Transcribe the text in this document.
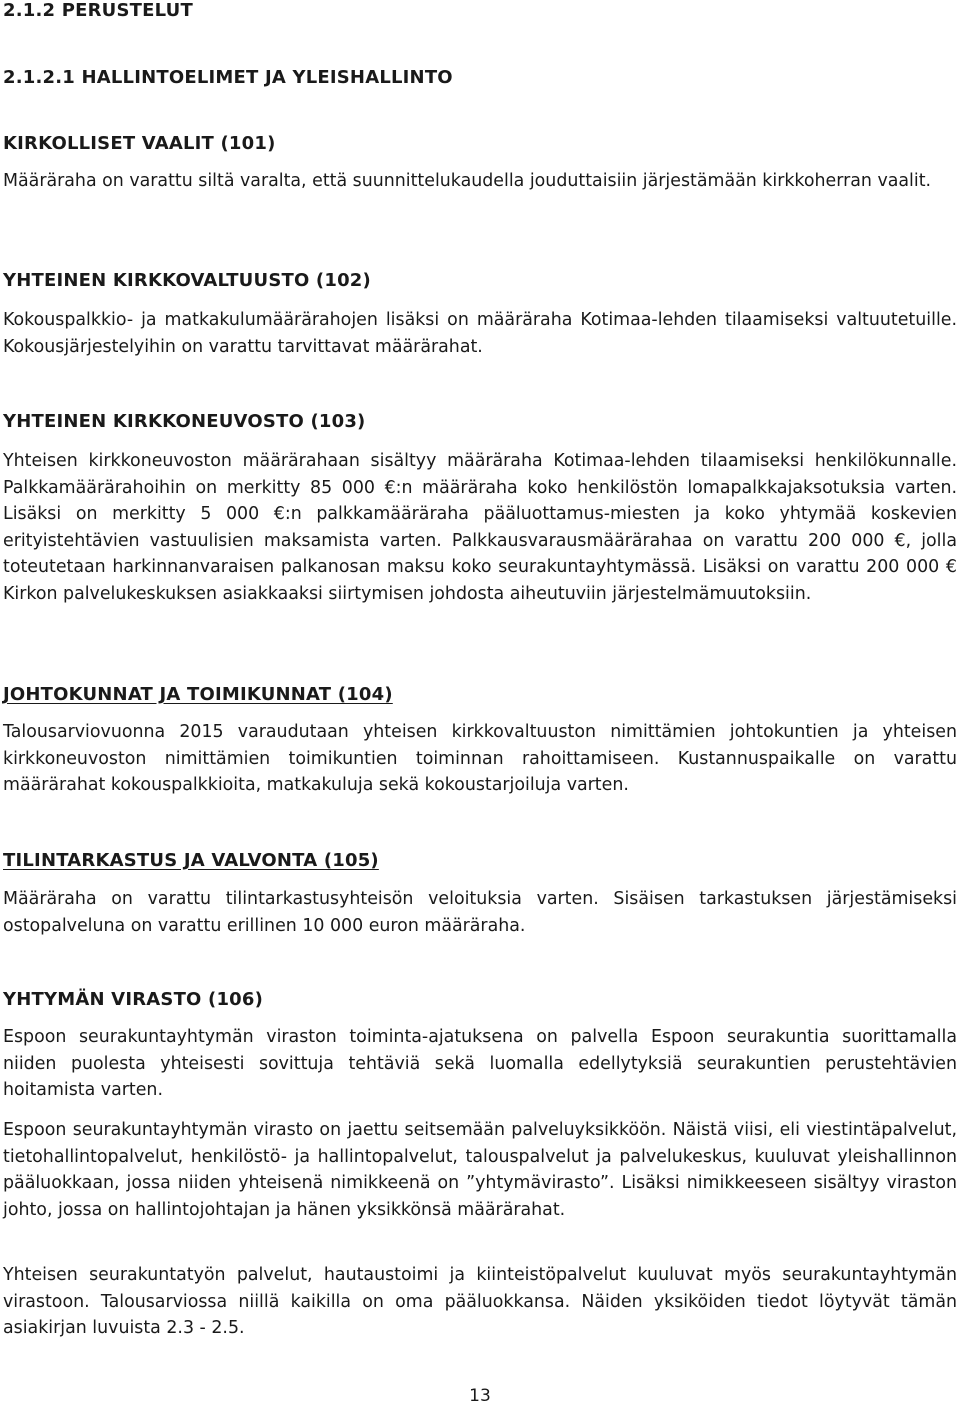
2.1.2 PERUSTELUT
2.1.2.1 HALLINTOELIMET JA YLEISHALLINTO
KIRKOLLISET VAALIT (101)

Määräraha on varattu siltä varalta, että suunnittelukaudella jouduttaisiin järjestämään kirkkoherran vaalit.

YHTEINEN KIRKKOVALTUUSTO (102)

Kokouspalkkio- ja matkakulumäärärahojen lisäksi on määräraha Kotimaa-lehden tilaamiseksi valtuutetuille. Kokousjärjestelyihin on varattu tarvittavat määrärahat.

YHTEINEN KIRKKONEUVOSTO (103)

Yhteisen kirkkoneuvoston määrärahaan sisältyy määräraha Kotimaa-lehden tilaamiseksi henkilökunnalle. Palkkamäärärahoihin on merkitty 85 000 €:n määräraha koko henkilöstön lomapalkkajaksotuksia varten. Lisäksi on merkitty 5 000 €:n palkkamääräraha pääluottamus-miesten ja koko yhtymää koskevien erityistehtävien vastuulisien maksamista varten. Palkkausvarausmäärärahaa on varattu 200 000 €, jolla toteutetaan harkinnanvaraisen palkanosan maksu koko seurakuntayhtymässä. Lisäksi on varattu 200 000 € Kirkon palvelukeskuksen asiakkaaksi siirtymisen johdosta aiheutuviin järjestelmämuutoksiin.

JOHTOKUNNAT JA TOIMIKUNNAT (104)

Talousarviovuonna 2015 varaudutaan yhteisen kirkkovaltuuston nimittämien johtokuntien ja yhteisen kirkkoneuvoston nimittämien toimikuntien toiminnan rahoittamiseen. Kustannuspaikalle on varattu määrärahat kokouspalkkioita, matkakuluja sekä kokoustarjoiluja varten.

TILINTARKASTUS JA VALVONTA (105)

Määräraha on varattu tilintarkastusyhteisön veloituksia varten. Sisäisen tarkastuksen järjestämiseksi ostopalveluna on varattu erillinen 10 000 euron määräraha.

YHTYMÄN VIRASTO (106)

Espoon seurakuntayhtymän viraston toiminta-ajatuksena on palvella Espoon seurakuntia suorittamalla niiden puolesta yhteisesti sovittuja tehtäviä sekä luomalla edellytyksiä seurakuntien perustehtävien hoitamista varten.

Espoon seurakuntayhtymän virasto on jaettu seitsemään palveluyksikköön. Näistä viisi, eli viestintäpalvelut, tietohallintopalvelut, henkilöstö- ja hallintopalvelut, talouspalvelut ja palvelukeskus, kuuluvat yleishallinnon pääluokkaan, jossa niiden yhteisenä nimikkeenä on ”yhtymävirasto”. Lisäksi nimikkeeseen sisältyy viraston johto, jossa on hallintojohtajan ja hänen yksikkönsä määrärahat.

Yhteisen seurakuntatyön palvelut, hautaustoimi ja kiinteistöpalvelut kuuluvat myös seurakuntayhtymän virastoon. Talousarviossa niillä kaikilla on oma pääluokkansa. Näiden yksiköiden tiedot löytyvät tämän asiakirjan luvuista 2.3 - 2.5.

13
